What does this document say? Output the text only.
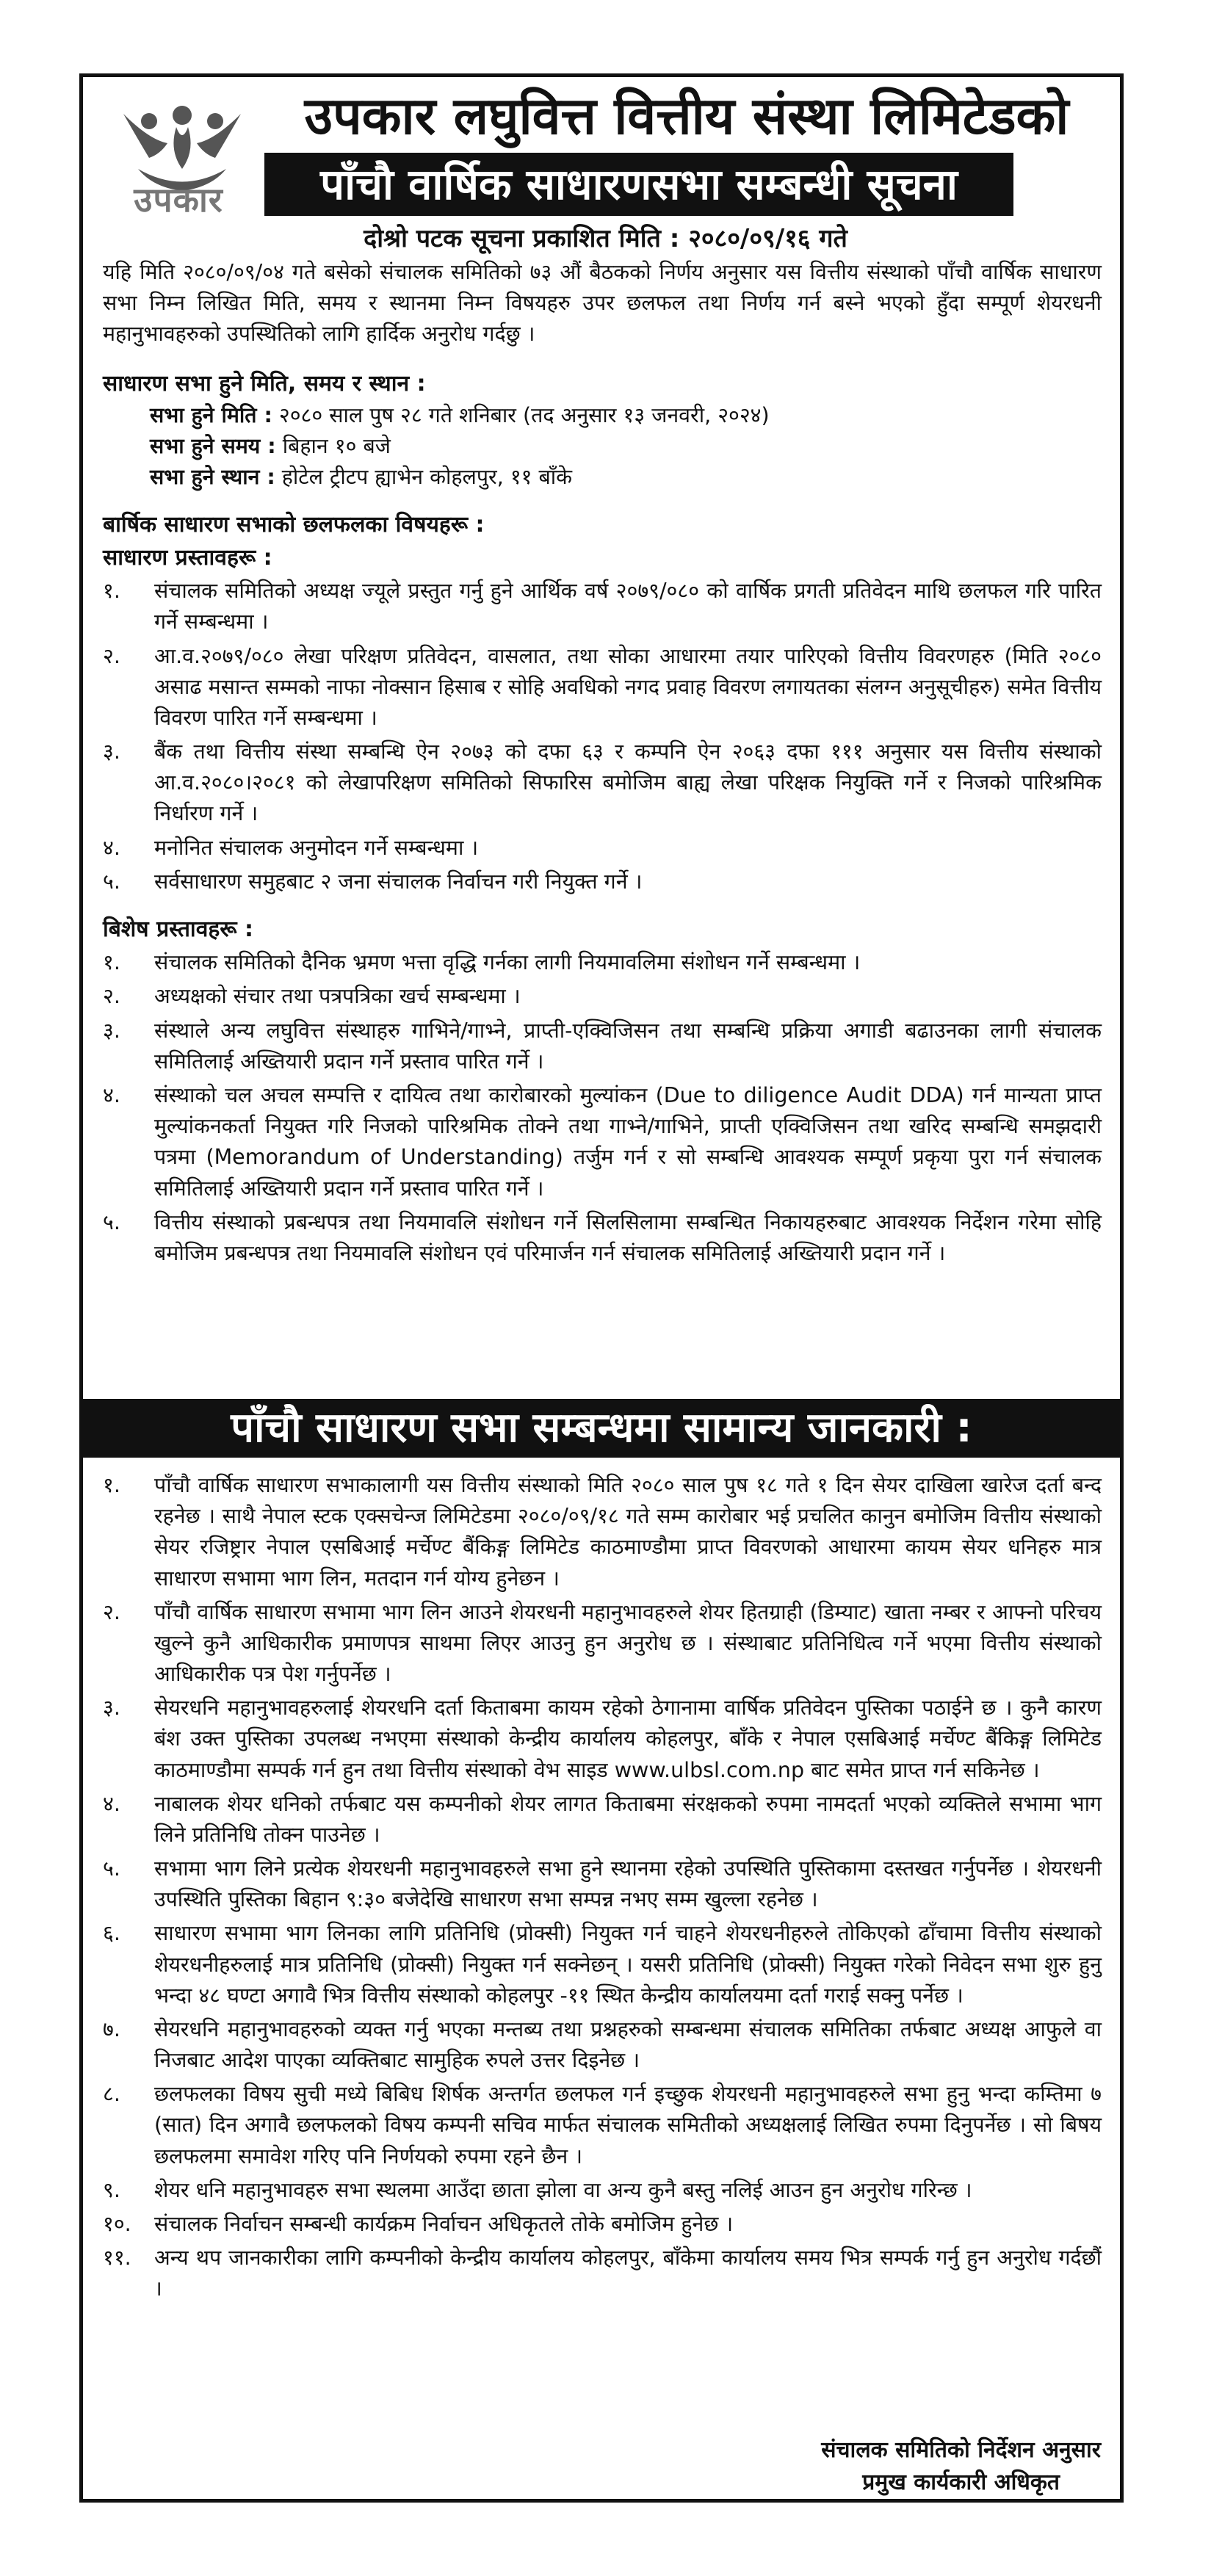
उपकार
उपकार लघुवित्त वित्तीय संस्था लिमिटेडको
पाँचौ वार्षिक साधारणसभा सम्बन्धी सूचना
दोश्रो पटक सूचना प्रकाशित मिति : २०८०/०९/१६ गते

यहि मिति २०८०/०९/०४ गते बसेको संचालक समितिको ७३ औं बैठकको निर्णय अनुसार यस वित्तीय संस्थाको पाँचौ वार्षिक साधारण सभा निम्न लिखित मिति, समय र स्थानमा निम्न विषयहरु उपर छलफल तथा निर्णय गर्न बस्ने भएको हुँदा सम्पूर्ण शेयरधनी महानुभावहरुको उपस्थितिको लागि हार्दिक अनुरोध गर्दछु ।

साधारण सभा हुने मिति, समय र स्थान :

सभा हुने मिति : २०८० साल पुष २८ गते शनिबार (तद अनुसार १३ जनवरी, २०२४)

सभा हुने समय : बिहान १० बजे

सभा हुने स्थान : होटेल ट्रीटप ह्याभेन कोहलपुर, ११ बाँके

बार्षिक साधारण सभाको छलफलका विषयहरू :

साधारण प्रस्तावहरू :

१.	संचालक समितिको अध्यक्ष ज्यूले प्रस्तुत गर्नु हुने आर्थिक वर्ष २०७९/०८० को वार्षिक प्रगती प्रतिवेदन माथि छलफल गरि पारित गर्ने सम्बन्धमा ।
२.	आ.व.२०७९/०८० लेखा परिक्षण प्रतिवेदन, वासलात, तथा सोका आधारमा तयार पारिएको वित्तीय विवरणहरु (मिति २०८० असाढ मसान्त सम्मको नाफा नोक्सान हिसाब र सोहि अवधिको नगद प्रवाह विवरण लगायतका संलग्न अनुसूचीहरु) समेत वित्तीय विवरण पारित गर्ने सम्बन्धमा ।
३.	बैंक तथा वित्तीय संस्था सम्बन्धि ऐन २०७३ को दफा ६३ र कम्पनि ऐन २०६३ दफा १११ अनुसार यस वित्तीय संस्थाको आ.व.२०८०।२०८१ को लेखापरिक्षण समितिको सिफारिस बमोजिम बाह्य लेखा परिक्षक नियुक्ति गर्ने र निजको पारिश्रमिक निर्धारण गर्ने ।
४.	मनोनित संचालक अनुमोदन गर्ने सम्बन्धमा ।
५.	सर्वसाधारण समुहबाट २ जना संचालक निर्वाचन गरी नियुक्त गर्ने ।

बिशेष प्रस्तावहरू :

१.	संचालक समितिको दैनिक भ्रमण भत्ता वृद्धि गर्नका लागी नियमावलिमा संशोधन गर्ने सम्बन्धमा ।
२.	अध्यक्षको संचार तथा पत्रपत्रिका खर्च सम्बन्धमा ।
३.	संस्थाले अन्य लघुवित्त संस्थाहरु गाभिने/गाभ्ने, प्राप्ती-एक्विजिसन तथा सम्बन्धि प्रक्रिया अगाडी बढाउनका लागी संचालक समितिलाई अख्तियारी प्रदान गर्ने प्रस्ताव पारित गर्ने ।
४.	संस्थाको चल अचल सम्पत्ति र दायित्व तथा कारोबारको मुल्यांकन (Due to diligence Audit DDA) गर्न मान्यता प्राप्त मुल्यांकनकर्ता नियुक्त गरि निजको पारिश्रमिक तोक्ने तथा गाभ्ने/गाभिने, प्राप्ती एक्विजिसन तथा खरिद सम्बन्धि समझदारी पत्रमा (Memorandum of Understanding) तर्जुम गर्न र सो सम्बन्धि आवश्यक सम्पूर्ण प्रकृया पुरा गर्न संचालक समितिलाई अख्तियारी प्रदान गर्ने प्रस्ताव पारित गर्ने ।
५.	वित्तीय संस्थाको प्रबन्धपत्र तथा नियमावलि संशोधन गर्ने सिलसिलामा सम्बन्धित निकायहरुबाट आवश्यक निर्देशन गरेमा सोहि बमोजिम प्रबन्धपत्र तथा नियमावलि संशोधन एवं परिमार्जन गर्न संचालक समितिलाई अख्तियारी प्रदान गर्ने ।
पाँचौ साधारण सभा सम्बन्धमा सामान्य जानकारी :
१.	पाँचौ वार्षिक साधारण सभाकालागी यस वित्तीय संस्थाको मिति २०८० साल पुष १८ गते १ दिन सेयर दाखिला खारेज दर्ता बन्द रहनेछ । साथै नेपाल स्टक एक्सचेन्ज लिमिटेडमा २०८०/०९/१८ गते सम्म कारोबार भई प्रचलित कानुन बमोजिम वित्तीय संस्थाको सेयर रजिष्ट्रार नेपाल एसबिआई मर्चेण्ट बैंकिङ्ग लिमिटेड काठमाण्डौमा प्राप्त विवरणको आधारमा कायम सेयर धनिहरु मात्र साधारण सभामा भाग लिन, मतदान गर्न योग्य हुनेछन ।
२.	पाँचौ वार्षिक साधारण सभामा भाग लिन आउने शेयरधनी महानुभावहरुले शेयर हितग्राही (डिम्याट) खाता नम्बर र आफ्नो परिचय खुल्ने कुनै आधिकारीक प्रमाणपत्र साथमा लिएर आउनु हुन अनुरोध छ । संस्थाबाट प्रतिनिधित्व गर्ने भएमा वित्तीय संस्थाको आधिकारीक पत्र पेश गर्नुपर्नेछ ।
३.	सेयरधनि महानुभावहरुलाई शेयरधनि दर्ता किताबमा कायम रहेको ठेगानामा वार्षिक प्रतिवेदन पुस्तिका पठाईने छ । कुनै कारण बंश उक्त पुस्तिका उपलब्ध नभएमा संस्थाको केन्द्रीय कार्यालय कोहलपुर, बाँके र नेपाल एसबिआई मर्चेण्ट बैंकिङ्ग लिमिटेड काठमाण्डौमा सम्पर्क गर्न हुन तथा वित्तीय संस्थाको वेभ साइड www.ulbsl.com.np बाट समेत प्राप्त गर्न सकिनेछ ।
४.	नाबालक शेयर धनिको तर्फबाट यस कम्पनीको शेयर लागत किताबमा संरक्षकको रुपमा नामदर्ता भएको व्यक्तिले सभामा भाग लिने प्रतिनिधि तोक्न पाउनेछ ।
५.	सभामा भाग लिने प्रत्येक शेयरधनी महानुभावहरुले सभा हुने स्थानमा रहेको उपस्थिति पुस्तिकामा दस्तखत गर्नुपर्नेछ । शेयरधनी उपस्थिति पुस्तिका बिहान ९:३० बजेदेखि साधारण सभा सम्पन्न नभए सम्म खुल्ला रहनेछ ।
६.	साधारण सभामा भाग लिनका लागि प्रतिनिधि (प्रोक्सी) नियुक्त गर्न चाहने शेयरधनीहरुले तोकिएको ढाँचामा वित्तीय संस्थाको शेयरधनीहरुलाई मात्र प्रतिनिधि (प्रोक्सी) नियुक्त गर्न सक्नेछन् । यसरी प्रतिनिधि (प्रोक्सी) नियुक्त गरेको निवेदन सभा शुरु हुनु भन्दा ४८ घण्टा अगावै भित्र वित्तीय संस्थाको कोहलपुर -११ स्थित केन्द्रीय कार्यालयमा दर्ता गराई सक्नु पर्नेछ ।
७.	सेयरधनि महानुभावहरुको व्यक्त गर्नु भएका मन्तब्य तथा प्रश्नहरुको सम्बन्धमा संचालक समितिका तर्फबाट अध्यक्ष आफुले वा निजबाट आदेश पाएका व्यक्तिबाट सामुहिक रुपले उत्तर दिइनेछ ।
८.	छलफलका विषय सुची मध्ये बिबिध शिर्षक अन्तर्गत छलफल गर्न इच्छुक शेयरधनी महानुभावहरुले सभा हुनु भन्दा कम्तिमा ७ (सात) दिन अगावै छलफलको विषय कम्पनी सचिव मार्फत संचालक समितीको अध्यक्षलाई लिखित रुपमा दिनुपर्नेछ । सो बिषय छलफलमा समावेश गरिए पनि निर्णयको रुपमा रहने छैन ।
९.	शेयर धनि महानुभावहरु सभा स्थलमा आउँदा छाता झोला वा अन्य कुनै बस्तु नलिई आउन हुन अनुरोध गरिन्छ ।
१०.	संचालक निर्वाचन सम्बन्धी कार्यक्रम निर्वाचन अधिकृतले तोके बमोजिम हुनेछ ।
११.	अन्य थप जानकारीका लागि कम्पनीको केन्द्रीय कार्यालय कोहलपुर, बाँकेमा कार्यालय समय भित्र सम्पर्क गर्नु हुन अनुरोध गर्दछौं ।
संचालक समितिको निर्देशन अनुसार
प्रमुख कार्यकारी अधिकृत
